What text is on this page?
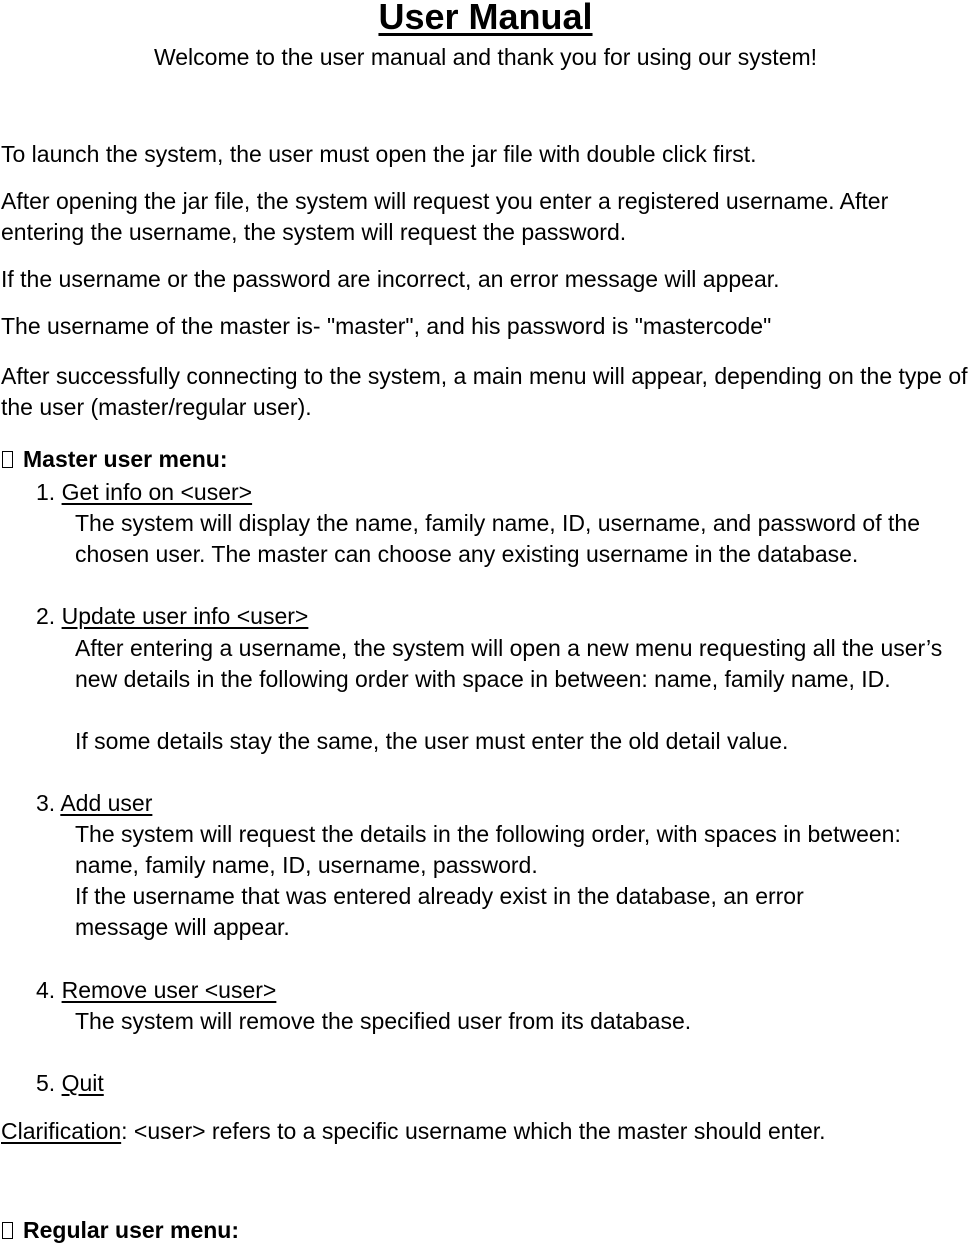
User Manual
Welcome to the user manual and thank you for using our system!

To launch the system, the user must open the jar file with double click first.

After opening the jar file, the system will request you enter a registered username. After entering the username, the system will request the password.

If the username or the password are incorrect, an error message will appear.

The username of the master is- "master", and his password is "mastercode"

After successfully connecting to the system, a main menu will appear, depending on the type of the user (master/regular user).

Master user menu:
1. Get info on <user>

The system will display the name, family name, ID, username, and password of the chosen user. The master can choose any existing username in the database.

2. Update user info <user>

After entering a username, the system will open a new menu requesting all the user’s new details in the following order with space in between: name, family name, ID.

If some details stay the same, the user must enter the old detail value.

3. Add user

The system will request the details in the following order, with spaces in between: name, family name, ID, username, password.

If the username that was entered already exist in the database, an error message will appear.

4. Remove user <user>

The system will remove the specified user from its database.

5. Quit
Clarification: <user> refers to a specific username which the master should enter.
Regular user menu:
